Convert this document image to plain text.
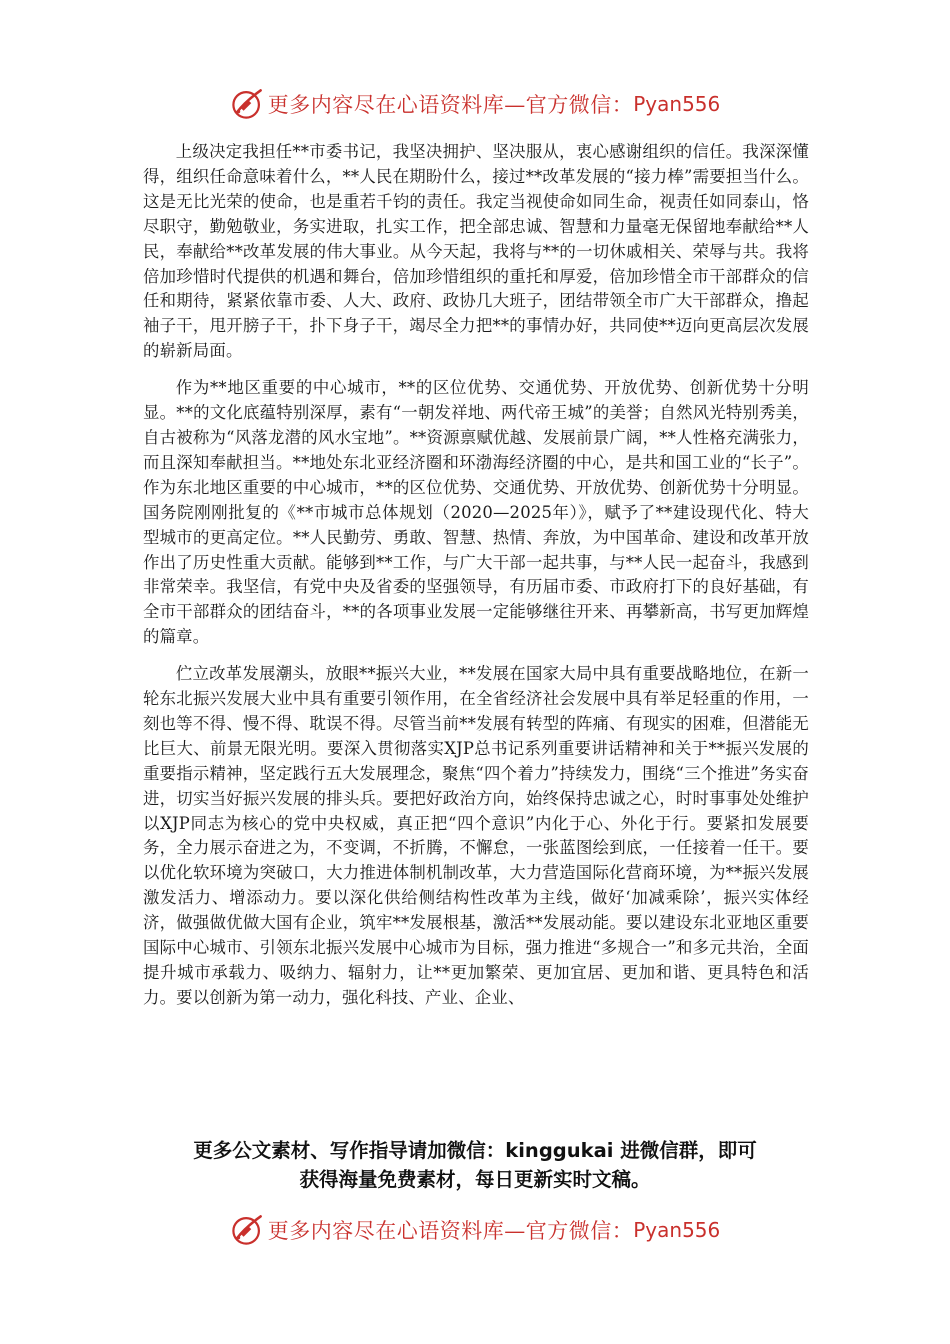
更多内容尽在心语资料库—官方微信： Pyan556

上级决定我担任**市委书记，我坚决拥护、坚决服从，衷心感谢组织的信任。我深深懂得，组织任命意味着什么，**人民在期盼什么，接过**改革发展的“接力棒”需要担当什么。这是无比光荣的使命，也是重若千钧的责任。我定当视使命如同生命，视责任如同泰山，恪尽职守，勤勉敬业，务实进取，扎实工作，把全部忠诚、智慧和力量毫无保留地奉献给**人民，奉献给**改革发展的伟大事业。从今天起，我将与**的一切休戚相关、荣辱与共。我将倍加珍惜时代提供的机遇和舞台，倍加珍惜组织的重托和厚爱，倍加珍惜全市干部群众的信任和期待，紧紧依靠市委、人大、政府、政协几大班子，团结带领全市广大干部群众，撸起袖子干，甩开膀子干，扑下身子干，竭尽全力把**的事情办好，共同使**迈向更高层次发展的崭新局面。

作为**地区重要的中心城市，**的区位优势、交通优势、开放优势、创新优势十分明显。**的文化底蕴特别深厚，素有“一朝发祥地、两代帝王城”的美誉；自然风光特别秀美，自古被称为“风落龙潜的风水宝地”。**资源禀赋优越、发展前景广阔，**人性格充满张力，而且深知奉献担当。**地处东北亚经济圈和环渤海经济圈的中心，是共和国工业的“长子”。作为东北地区重要的中心城市，**的区位优势、交通优势、开放优势、创新优势十分明显。国务院刚刚批复的《**市城市总体规划（2020—2025年）》，赋予了**建设现代化、特大型城市的更高定位。**人民勤劳、勇敢、智慧、热情、奔放，为中国革命、建设和改革开放作出了历史性重大贡献。能够到**工作，与广大干部一起共事，与**人民一起奋斗，我感到非常荣幸。我坚信，有党中央及省委的坚强领导，有历届市委、市政府打下的良好基础，有全市干部群众的团结奋斗，**的各项事业发展一定能够继往开来、再攀新高，书写更加辉煌的篇章。

伫立改革发展潮头，放眼**振兴大业，**发展在国家大局中具有重要战略地位，在新一轮东北振兴发展大业中具有重要引领作用，在全省经济社会发展中具有举足轻重的作用，一刻也等不得、慢不得、耽误不得。尽管当前**发展有转型的阵痛、有现实的困难，但潜能无比巨大、前景无限光明。要深入贯彻落实XJP总书记系列重要讲话精神和关于**振兴发展的重要指示精神，坚定践行五大发展理念，聚焦“四个着力”持续发力，围绕“三个推进”务实奋进，切实当好振兴发展的排头兵。要把好政治方向，始终保持忠诚之心，时时事事处处维护以XJP同志为核心的党中央权威，真正把“四个意识”内化于心、外化于行。要紧扣发展要务，全力展示奋进之为，不变调，不折腾，不懈怠，一张蓝图绘到底，一任接着一任干。要以优化软环境为突破口，大力推进体制机制改革，大力营造国际化营商环境，为**振兴发展激发活力、增添动力。要以深化供给侧结构性改革为主线，做好‘加减乘除’，振兴实体经济，做强做优做大国有企业，筑牢**发展根基，激活**发展动能。要以建设东北亚地区重要国际中心城市、引领东北振兴发展中心城市为目标，强力推进“多规合一”和多元共治，全面提升城市承载力、吸纳力、辐射力，让**更加繁荣、更加宜居、更加和谐、更具特色和活力。要以创新为第一动力，强化科技、产业、企业、

更多公文素材、写作指导请加微信：kinggukai 进微信群，即可
获得海量免费素材，每日更新实时文稿。
更多内容尽在心语资料库—官方微信： Pyan556
